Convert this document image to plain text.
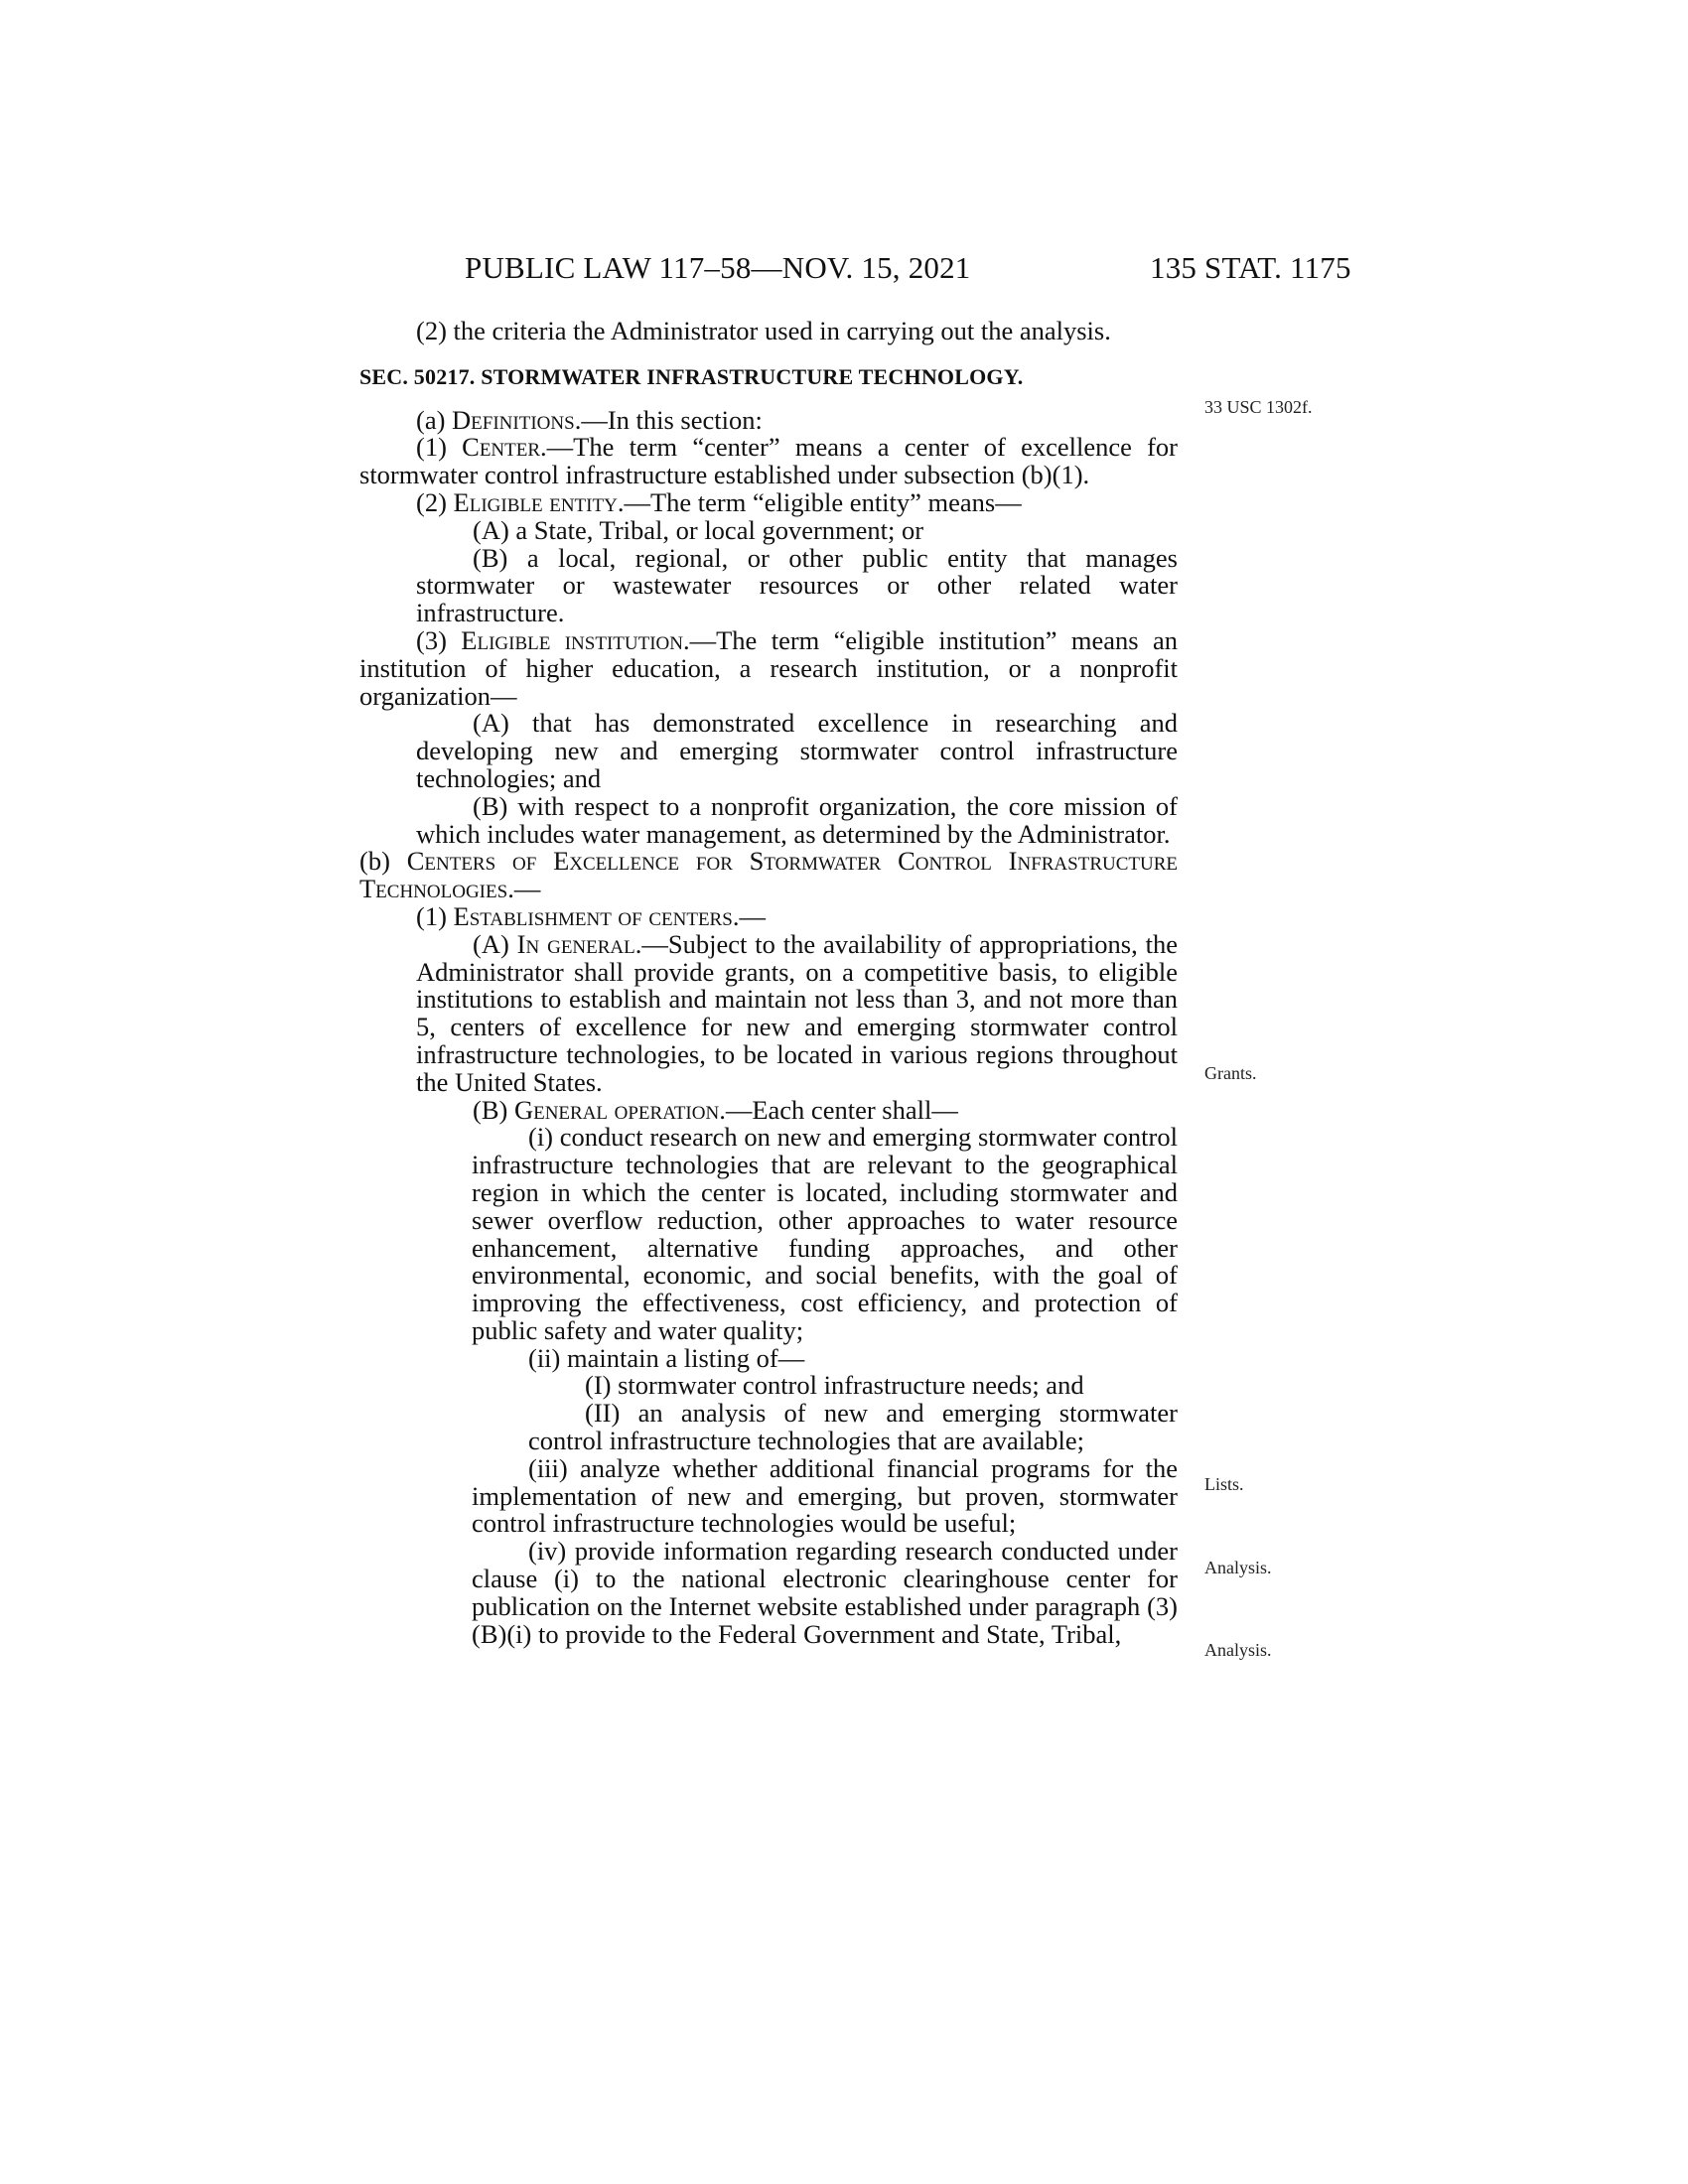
PUBLIC LAW 117–58—NOV. 15, 2021	135 STAT. 1175
33 USC 1302f.
Grants.
Lists.
Analysis.
Analysis.
(2) the criteria the Administrator used in carrying out the analysis.
SEC. 50217. STORMWATER INFRASTRUCTURE TECHNOLOGY.
(a) Definitions.—In this section:
(1) Center.—The term “center” means a center of excellence for stormwater control infrastructure established under subsection (b)(1).
(2) Eligible entity.—The term “eligible entity” means—
(A) a State, Tribal, or local government; or
(B) a local, regional, or other public entity that manages stormwater or wastewater resources or other related water infrastructure.
(3) Eligible institution.—The term “eligible institution” means an institution of higher education, a research institution, or a nonprofit organization—
(A) that has demonstrated excellence in researching and developing new and emerging stormwater control infrastructure technologies; and
(B) with respect to a nonprofit organization, the core mission of which includes water management, as determined by the Administrator.
(b) Centers of Excellence for Stormwater Control Infrastructure Technologies.—
(1) Establishment of centers.—
(A) In general.—Subject to the availability of appropriations, the Administrator shall provide grants, on a competitive basis, to eligible institutions to establish and maintain not less than 3, and not more than 5, centers of excellence for new and emerging stormwater control infrastructure technologies, to be located in various regions throughout the United States.
(B) General operation.—Each center shall—
(i) conduct research on new and emerging stormwater control infrastructure technologies that are relevant to the geographical region in which the center is located, including stormwater and sewer overflow reduction, other approaches to water resource enhancement, alternative funding approaches, and other environmental, economic, and social benefits, with the goal of improving the effectiveness, cost efficiency, and protection of public safety and water quality;
(ii) maintain a listing of—
(I) stormwater control infrastructure needs; and
(II) an analysis of new and emerging stormwater control infrastructure technologies that are available;
(iii) analyze whether additional financial programs for the implementation of new and emerging, but proven, stormwater control infrastructure technologies would be useful;
(iv) provide information regarding research conducted under clause (i) to the national electronic clearinghouse center for publication on the Internet website established under paragraph (3)(B)(i) to provide to the Federal Government and State, Tribal,
